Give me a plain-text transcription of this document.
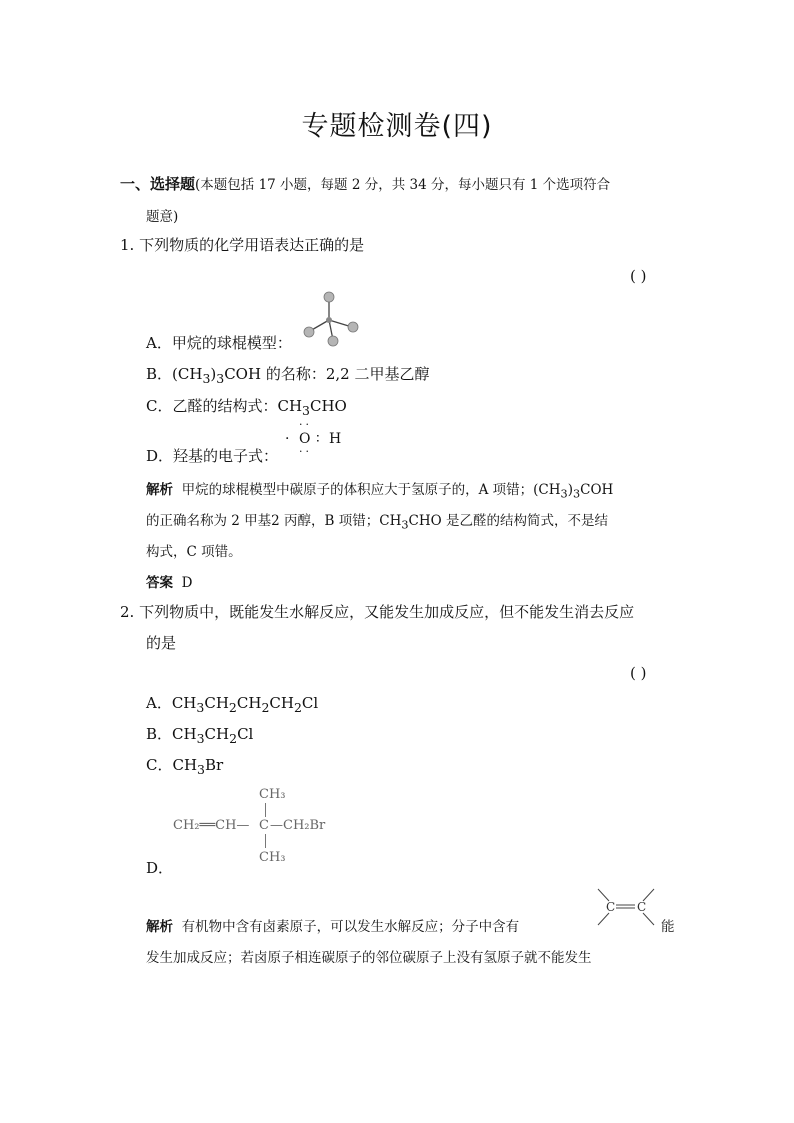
专题检测卷(四)
一、选择题(本题包括 17 小题，每题 2 分，共 34 分，每小题只有 1 个选项符合
题意)
1. 下列物质的化学用语表达正确的是
( )
A．甲烷的球棍模型：
B．$(CH_3)_3COH$ 的名称：2,2 二甲基乙醇
C．乙醛的结构式：$CH_3CHO$
D．羟基的电子式：
··
· O ∶ H
··
解析 甲烷的球棍模型中碳原子的体积应大于氢原子的，A 项错；$(CH_3)_3COH$
的正确名称为 2 甲基2 丙醇，B 项错；$CH_3CHO$ 是乙醛的结构简式，不是结
构式，C 项错。
答案 D
2. 下列物质中，既能发生水解反应，又能发生加成反应，但不能发生消去反应
的是
( )
A．$CH_3CH_2CH_2CH_2Cl$
B．$CH_3CH_2Cl$
C．$CH_3Br$
CH₃
CH₂══CH— C —CH₂Br
CH₃
D．
解析 有机物中含有卤素原子，可以发生水解反应；分子中含有
C C
能
发生加成反应；若卤原子相连碳原子的邻位碳原子上没有氢原子就不能发生
